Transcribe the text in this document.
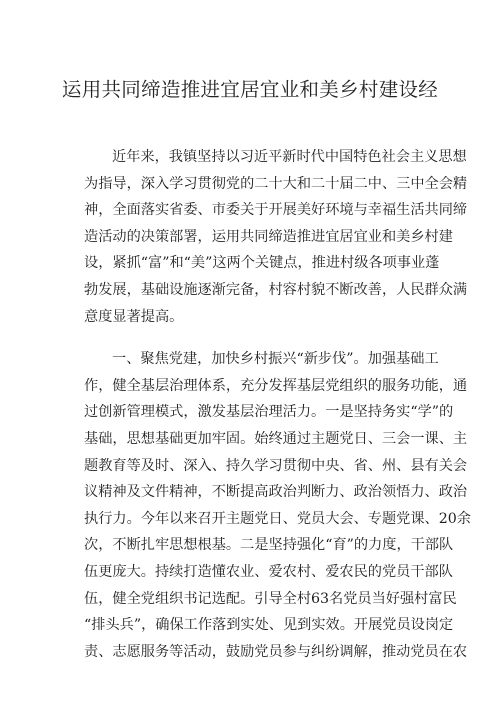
运用共同缔造推进宜居宜业和美乡村建设经
近年来，我镇坚持以习近平新时代中国特色社会主义思想
为指导，深入学习贯彻党的二十大和二十届二中、三中全会精
神，全面落实省委、市委关于开展美好环境与幸福生活共同缔
造活动的决策部署，运用共同缔造推进宜居宜业和美乡村建
设，紧抓“富”和“美”这两个关键点，推进村级各项事业蓬
勃发展，基础设施逐渐完备，村容村貌不断改善，人民群众满
意度显著提高。
一、聚焦党建，加快乡村振兴“新步伐”。加强基础工
作，健全基层治理体系，充分发挥基层党组织的服务功能，通
过创新管理模式，激发基层治理活力。一是坚持务实“学”的
基础，思想基础更加牢固。始终通过主题党日、三会一课、主
题教育等及时、深入、持久学习贯彻中央、省、州、县有关会
议精神及文件精神，不断提高政治判断力、政治领悟力、政治
执行力。今年以来召开主题党日、党员大会、专题党课、20余
次，不断扎牢思想根基。二是坚持强化“育”的力度，干部队
伍更庞大。持续打造懂农业、爱农村、爱农民的党员干部队
伍，健全党组织书记选配。引导全村63名党员当好强村富民
“排头兵”，确保工作落到实处、见到实效。开展党员设岗定
责、志愿服务等活动，鼓励党员参与纠纷调解，推动党员在农
